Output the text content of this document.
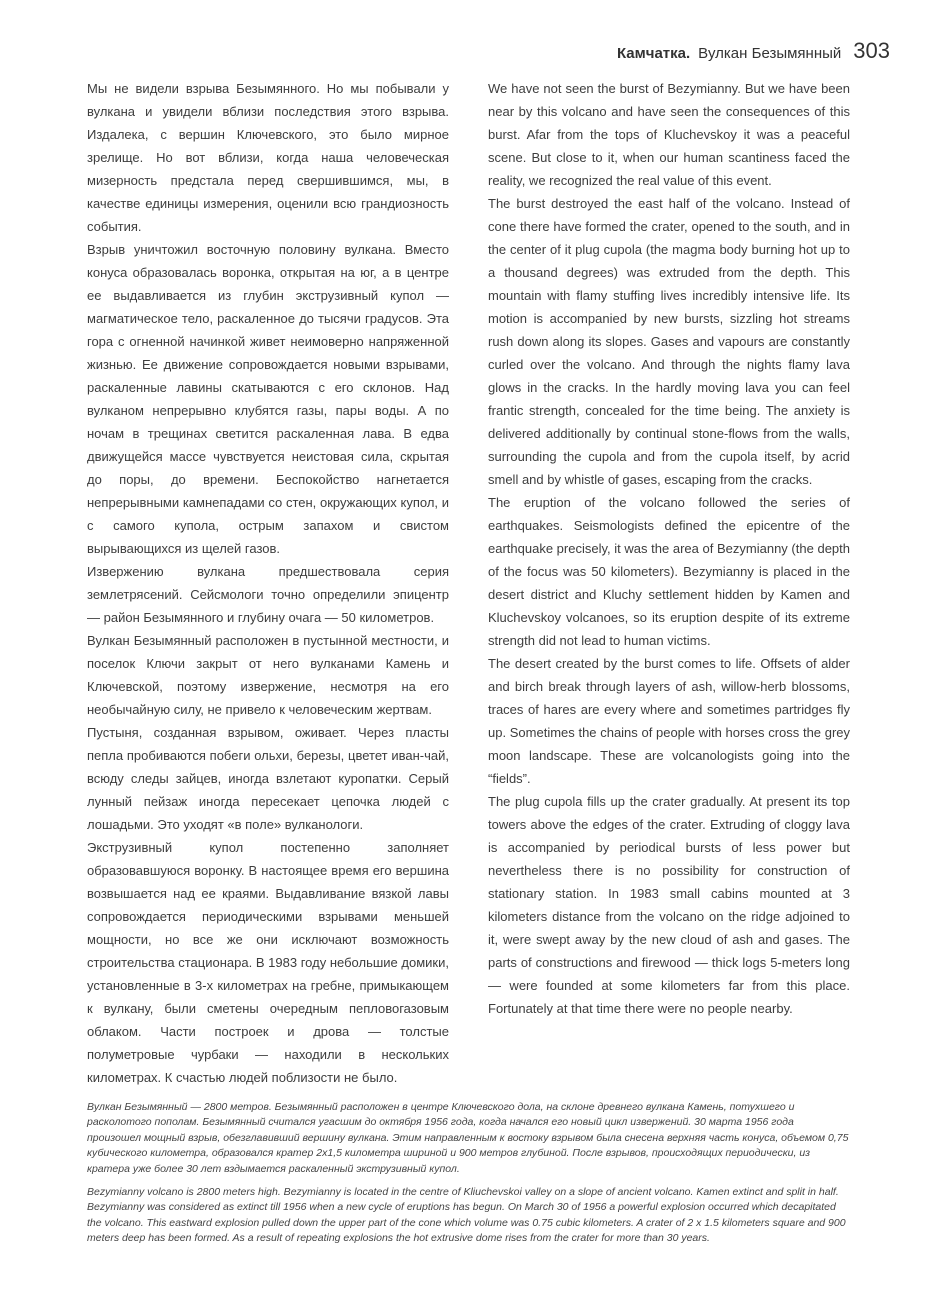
Камчатка. Вулкан Безымянный 303

Мы не видели взрыва Безымянного. Но мы побывали у вулкана и увидели вблизи последствия этого взрыва. Издалека, с вершин Ключевского, это было мирное зрелище. Но вот вблизи, когда наша человеческая мизерность предстала перед свершившимся, мы, в качестве единицы измерения, оценили всю грандиозность события.

Взрыв уничтожил восточную половину вулкана. Вместо конуса образовалась воронка, открытая на юг, а в центре ее выдавливается из глубин экструзивный купол — магматическое тело, раскаленное до тысячи градусов. Эта гора с огненной начинкой живет неимоверно напряженной жизнью. Ее движение сопровождается новыми взрывами, раскаленные лавины скатываются с его склонов. Над вулканом непрерывно клубятся газы, пары воды. А по ночам в трещинах светится раскаленная лава. В едва движущейся массе чувствуется неистовая сила, скрытая до поры, до времени. Беспокойство нагнетается непрерывными камнепадами со стен, окружающих купол, и с самого купола, острым запахом и свистом вырывающихся из щелей газов.

Извержению вулкана предшествовала серия землетрясений. Сейсмологи точно определили эпицентр — район Безымянного и глубину очага — 50 километров.

Вулкан Безымянный расположен в пустынной местности, и поселок Ключи закрыт от него вулканами Камень и Ключевской, поэтому извержение, несмотря на его необычайную силу, не привело к человеческим жертвам.

Пустыня, созданная взрывом, оживает. Через пласты пепла пробиваются побеги ольхи, березы, цветет иван-чай, всюду следы зайцев, иногда взлетают куропатки. Серый лунный пейзаж иногда пересекает цепочка людей с лошадьми. Это уходят «в поле» вулканологи.

Экструзивный купол постепенно заполняет образовавшуюся воронку. В настоящее время его вершина возвышается над ее краями. Выдавливание вязкой лавы сопровождается периодическими взрывами меньшей мощности, но все же они исключают возможность строительства стационара. В 1983 году небольшие домики, установленные в 3-х километрах на гребне, примыкающем к вулкану, были сметены очередным пепловогазовым облаком. Части построек и дрова — толстые полуметровые чурбаки — находили в нескольких километрах. К счастью людей поблизости не было.

We have not seen the burst of Bezymianny. But we have been near by this volcano and have seen the consequences of this burst. Afar from the tops of Kluchevskoy it was a peaceful scene. But close to it, when our human scantiness faced the reality, we recognized the real value of this event.

The burst destroyed the east half of the volcano. Instead of cone there have formed the crater, opened to the south, and in the center of it plug cupola (the magma body burning hot up to a thousand degrees) was extruded from the depth. This mountain with flamy stuffing lives incredibly intensive life. Its motion is accompanied by new bursts, sizzling hot streams rush down along its slopes. Gases and vapours are constantly curled over the volcano. And through the nights flamy lava glows in the cracks. In the hardly moving lava you can feel frantic strength, concealed for the time being. The anxiety is delivered additionally by continual stone-flows from the walls, surrounding the cupola and from the cupola itself, by acrid smell and by whistle of gases, escaping from the cracks.

The eruption of the volcano followed the series of earthquakes. Seismologists defined the epicentre of the earthquake precisely, it was the area of Bezymianny (the depth of the focus was 50 kilometers). Bezymianny is placed in the desert district and Kluchy settlement hidden by Kamen and Kluchevskoy volcanoes, so its eruption despite of its extreme strength did not lead to human victims.

The desert created by the burst comes to life. Offsets of alder and birch break through layers of ash, willow-herb blossoms, traces of hares are every where and sometimes partridges fly up. Sometimes the chains of people with horses cross the grey moon landscape. These are volcanologists going into the “fields”.

The plug cupola fills up the crater gradually. At present its top towers above the edges of the crater. Extruding of cloggy lava is accompanied by periodical bursts of less power but nevertheless there is no possibility for construction of stationary station. In 1983 small cabins mounted at 3 kilometers distance from the volcano on the ridge adjoined to it, were swept away by the new cloud of ash and gases. The parts of constructions and firewood — thick logs 5-meters long — were founded at some kilometers far from this place. Fortunately at that time there were no people nearby.

Вулкан Безымянный — 2800 метров. Безымянный расположен в центре Ключевского дола, на склоне древнего вулкана Камень, потухшего и расколотого пополам. Безымянный считался угасшим до октября 1956 года, когда начался его новый цикл извержений. 30 марта 1956 года произошел мощный взрыв, обезглавивший вершину вулкана. Этим направленным к востоку взрывом была снесена верхняя часть конуса, объемом 0,75 кубического километра, образовался кратер 2х1,5 километра шириной и 900 метров глубиной. После взрывов, происходящих периодически, из кратера уже более 30 лет вздымается раскаленный экструзивный купол.

Bezymianny volcano is 2800 meters high. Bezymianny is located in the centre of Kliuchevskoi valley on a slope of ancient volcano. Kamen extinct and split in half. Bezymianny was considered as extinct till 1956 when a new cycle of eruptions has begun. On March 30 of 1956 a powerful explosion occurred which decapitated the volcano. This eastward explosion pulled down the upper part of the cone which volume was 0.75 cubic kilometers. A crater of 2 x 1.5 kilometers square and 900 meters deep has been formed. As a result of repeating explosions the hot extrusive dome rises from the crater for more than 30 years.
